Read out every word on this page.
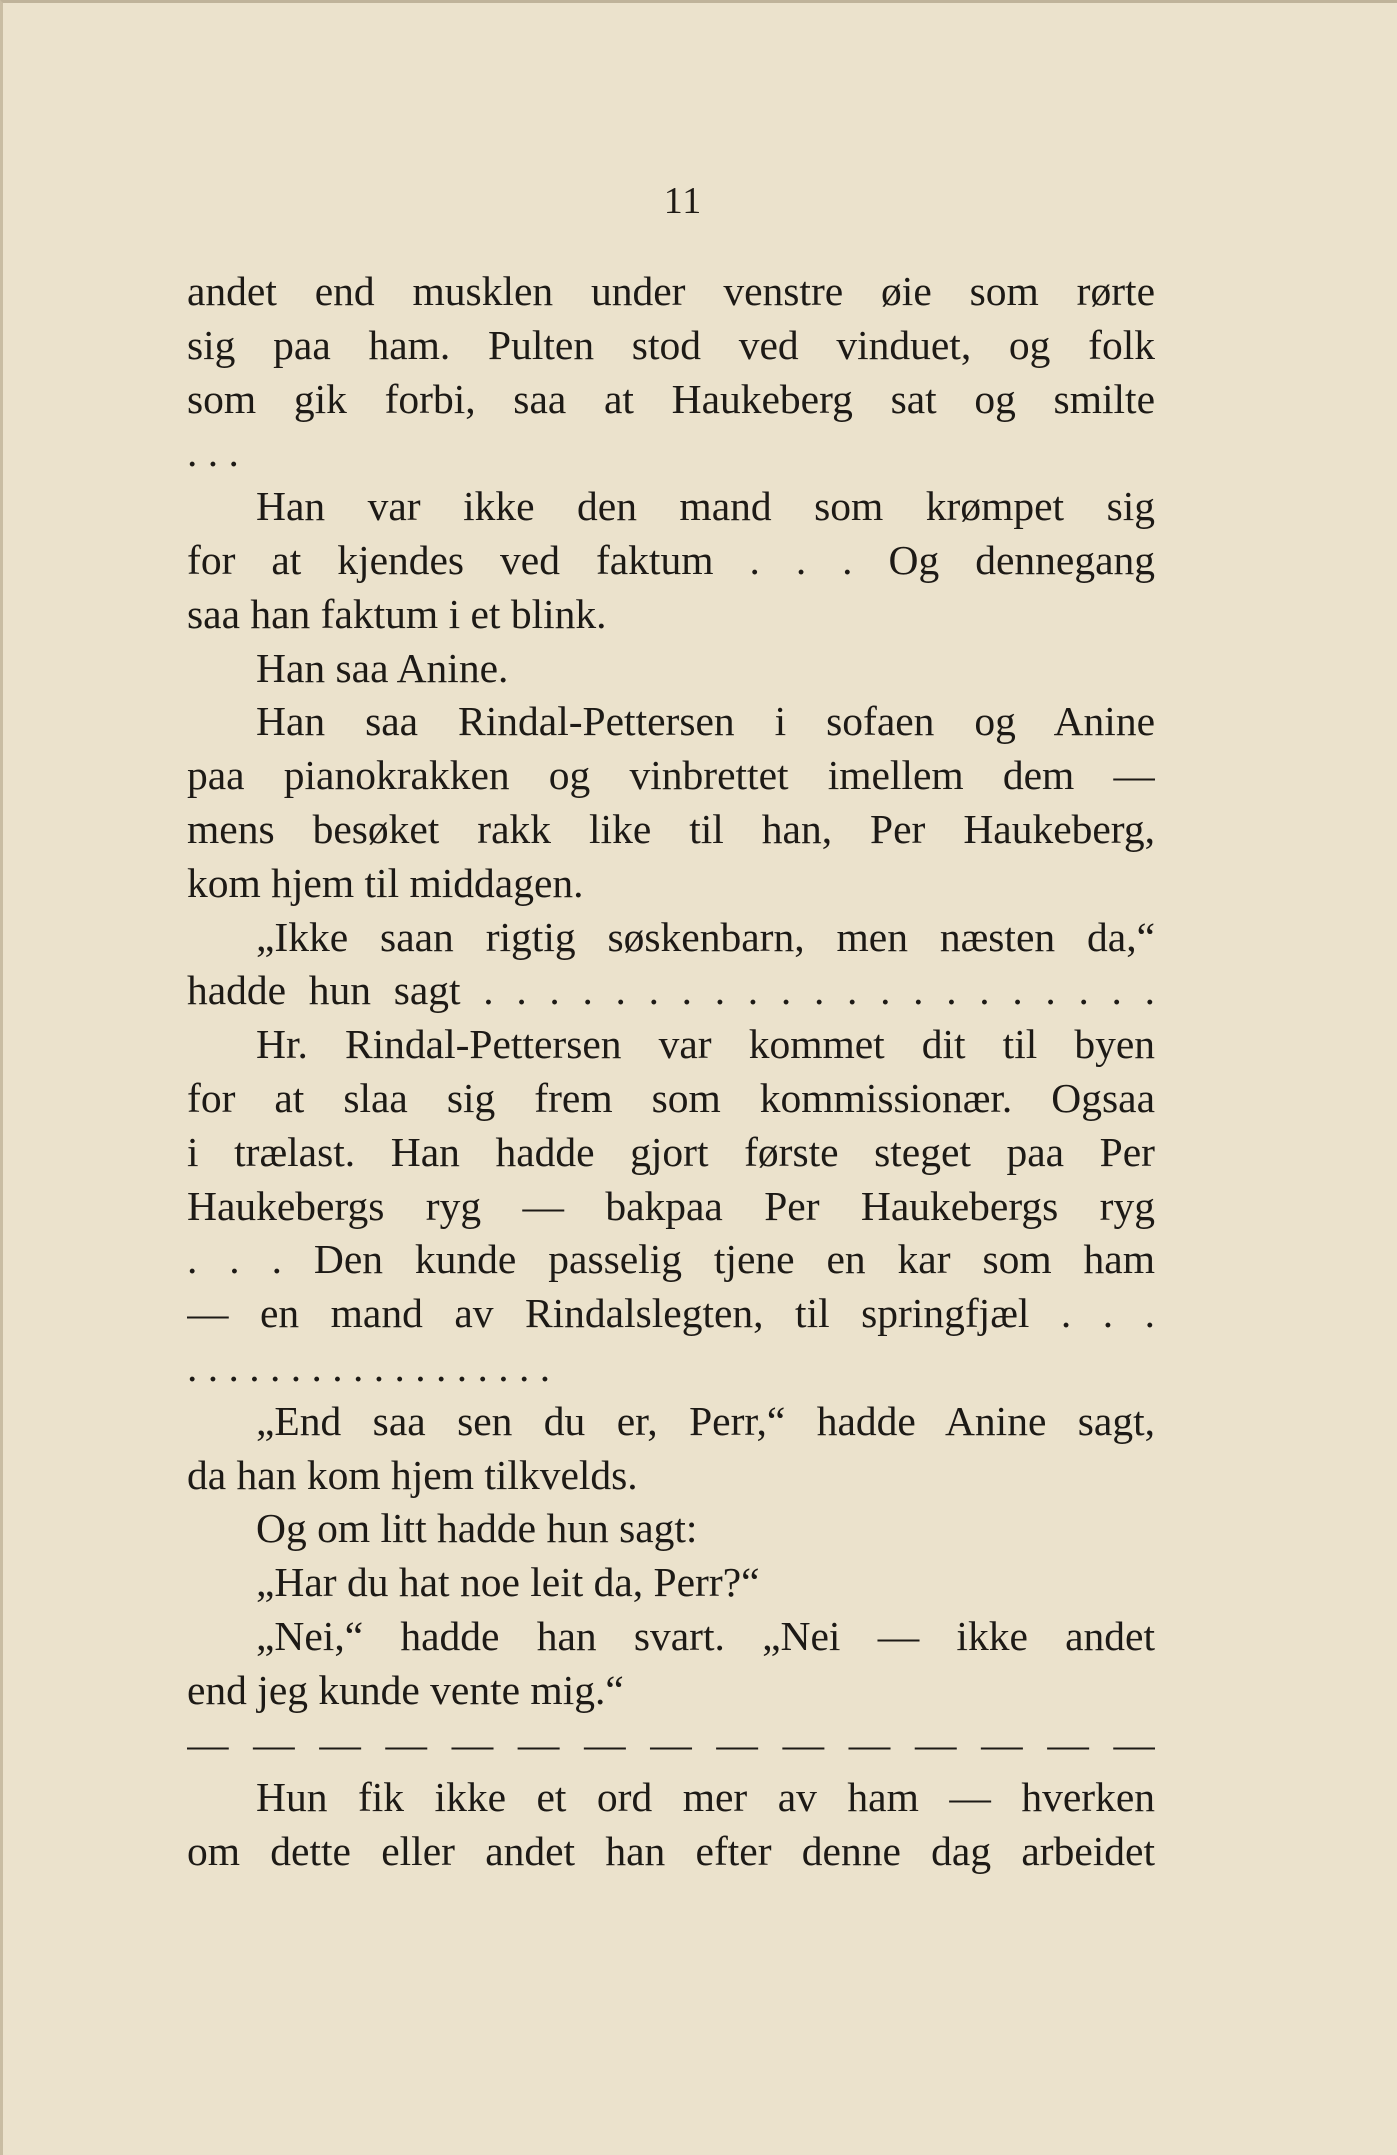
11
andet end musklen under venstre øie som rørte
sig paa ham. Pulten stod ved vinduet, og folk
som gik forbi, saa at Haukeberg sat og smilte
. . .
Han var ikke den mand som krømpet sig
for at kjendes ved faktum . . . Og dennegang
saa han faktum i et blink.
Han saa Anine.
Han saa Rindal-Pettersen i sofaen og Anine
paa pianokrakken og vinbrettet imellem dem —
mens besøket rakk like til han, Per Haukeberg,
kom hjem til middagen.
„Ikke saan rigtig søskenbarn, men næsten da,“
hadde hun sagt . . . . . . . . . . . . . . . . . . . . .
Hr. Rindal-Pettersen var kommet dit til byen
for at slaa sig frem som kommissionær. Ogsaa
i trælast. Han hadde gjort første steget paa Per
Haukebergs ryg — bakpaa Per Haukebergs ryg
. . . Den kunde passelig tjene en kar som ham
— en mand av Rindalslegten, til springfjæl . . .
. . . . . . . . . . . . . . . . . .
„End saa sen du er, Perr,“ hadde Anine sagt,
da han kom hjem tilkvelds.
Og om litt hadde hun sagt:
„Har du hat noe leit da, Perr?“
„Nei,“ hadde han svart. „Nei — ikke andet
end jeg kunde vente mig.“
— — — — — — — — — — — — — — —
Hun fik ikke et ord mer av ham — hverken
om dette eller andet han efter denne dag arbeidet
